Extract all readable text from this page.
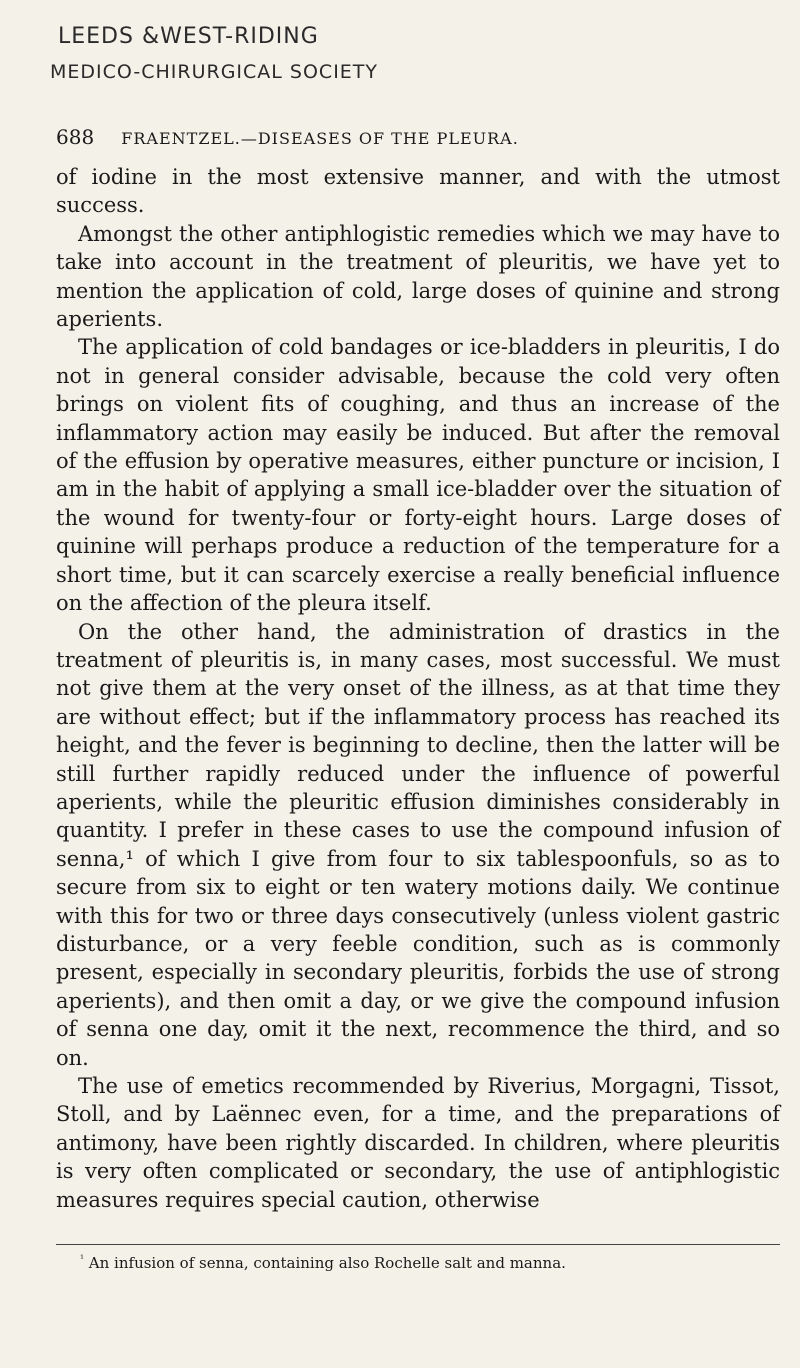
LEEDS &WEST-RIDING
MEDICO-CHIRURGICAL SOCIETY
688 FRAENTZEL.—DISEASES OF THE PLEURA.

of iodine in the most extensive manner, and with the utmost success.

Amongst the other antiphlogistic remedies which we may have to take into account in the treatment of pleuritis, we have yet to mention the application of cold, large doses of quinine and strong aperients.

The application of cold bandages or ice-bladders in pleuritis, I do not in general consider advisable, because the cold very often brings on violent fits of coughing, and thus an increase of the inflammatory action may easily be induced. But after the removal of the effusion by operative measures, either puncture or incision, I am in the habit of applying a small ice-bladder over the situation of the wound for twenty-four or forty-eight hours. Large doses of quinine will perhaps produce a reduction of the temperature for a short time, but it can scarcely exercise a really beneficial influence on the affection of the pleura itself.

On the other hand, the administration of drastics in the treatment of pleuritis is, in many cases, most successful. We must not give them at the very onset of the illness, as at that time they are without effect; but if the inflammatory process has reached its height, and the fever is beginning to decline, then the latter will be still further rapidly reduced under the influence of powerful aperients, while the pleuritic effusion diminishes considerably in quantity. I prefer in these cases to use the compound infusion of senna,¹ of which I give from four to six tablespoonfuls, so as to secure from six to eight or ten watery motions daily. We continue with this for two or three days consecutively (unless violent gastric disturbance, or a very feeble condition, such as is commonly present, especially in secondary pleuritis, forbids the use of strong aperients), and then omit a day, or we give the compound infusion of senna one day, omit it the next, recommence the third, and so on.

The use of emetics recommended by Riverius, Morgagni, Tissot, Stoll, and by Laënnec even, for a time, and the preparations of antimony, have been rightly discarded. In children, where pleuritis is very often complicated or secondary, the use of antiphlogistic measures requires special caution, otherwise

$^{^1}$ An infusion of senna, containing also Rochelle salt and manna.
